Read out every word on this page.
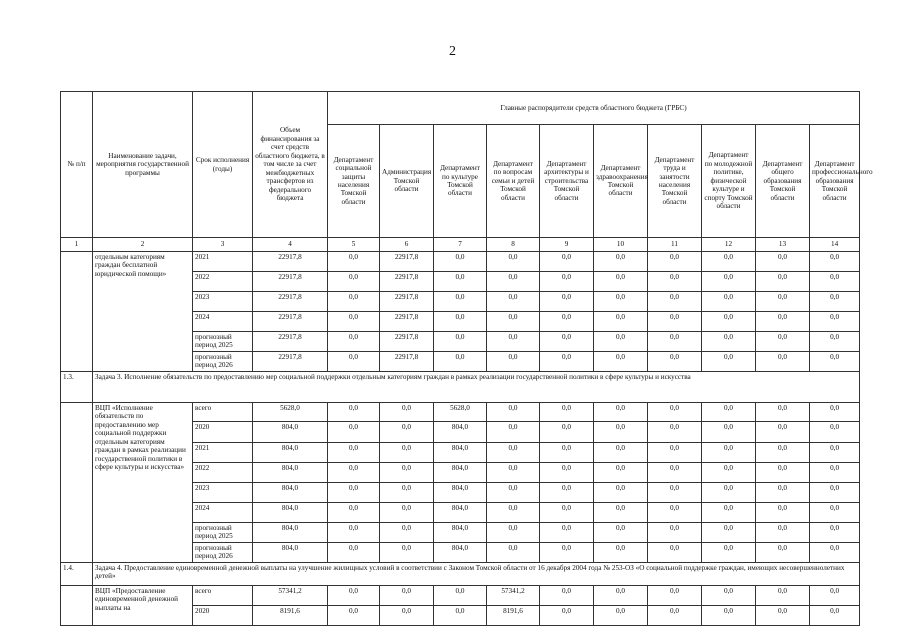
2
№ п/п	Наименование задачи, мероприятия государственной программы	Срок исполнения (годы)	Объем финансирования за счет средств областного бюджета, в том числе за счет межбюджетных трансфертов из федерального бюджета	Главные распорядители средств областного бюджета (ГРБС)									
				Департамент социальной защиты населения Томской области	Администрация Томской области	Департамент по культуре Томской области	Департамент по вопросам семьи и детей Томской области	Департамент архитектуры и строительства Томской области	Департамент здравоохранения Томской области	Департамент труда и занятости населения Томской области	Департамент по молодежной политике, физической культуре и спорту Томской области	Департамент общего образования Томской области	Департамент профессионального образования Томской области
1	2	3	4	5	6	7	8	9	10	11	12	13	14
	отдельным категориям граждан бесплатной юридической помощи»	2021	22917,8	0,0	22917,8	0,0	0,0	0,0	0,0	0,0	0,0	0,0	0,0
		2022	22917,8	0,0	22917,8	0,0	0,0	0,0	0,0	0,0	0,0	0,0	0,0
		2023	22917,8	0,0	22917,8	0,0	0,0	0,0	0,0	0,0	0,0	0,0	0,0
		2024	22917,8	0,0	22917,8	0,0	0,0	0,0	0,0	0,0	0,0	0,0	0,0
		прогнозный период 2025	22917,8	0,0	22917,8	0,0	0,0	0,0	0,0	0,0	0,0	0,0	0,0
		прогнозный период 2026	22917,8	0,0	22917,8	0,0	0,0	0,0	0,0	0,0	0,0	0,0	0,0
1.3.	Задача 3. Исполнение обязательств по предоставлению мер социальной поддержки отдельным категориям граждан в рамках реализации государственной политики в сфере культуры и искусства												
	ВЦП «Исполнение обязательств по предоставлению мер социальной поддержки отдельным категориям граждан в рамках реализации государственной политики в сфере культуры и искусства»	всего	5628,0	0,0	0,0	5628,0	0,0	0,0	0,0	0,0	0,0	0,0	0,0
		2020	804,0	0,0	0,0	804,0	0,0	0,0	0,0	0,0	0,0	0,0	0,0
		2021	804,0	0,0	0,0	804,0	0,0	0,0	0,0	0,0	0,0	0,0	0,0
		2022	804,0	0,0	0,0	804,0	0,0	0,0	0,0	0,0	0,0	0,0	0,0
		2023	804,0	0,0	0,0	804,0	0,0	0,0	0,0	0,0	0,0	0,0	0,0
		2024	804,0	0,0	0,0	804,0	0,0	0,0	0,0	0,0	0,0	0,0	0,0
		прогнозный период 2025	804,0	0,0	0,0	804,0	0,0	0,0	0,0	0,0	0,0	0,0	0,0
		прогнозный период 2026	804,0	0,0	0,0	804,0	0,0	0,0	0,0	0,0	0,0	0,0	0,0
1.4.	Задача 4. Предоставление единовременной денежной выплаты на улучшение жилищных условий в соответствии с Законом Томской области от 16 декабря 2004 года № 253-ОЗ «О социальной поддержке граждан, имеющих несовершеннолетних детей»												
	ВЦП «Предоставление единовременной денежной выплаты на	всего	57341,2	0,0	0,0	0,0	57341,2	0,0	0,0	0,0	0,0	0,0	0,0
		2020	8191,6	0,0	0,0	0,0	8191,6	0,0	0,0	0,0	0,0	0,0	0,0
